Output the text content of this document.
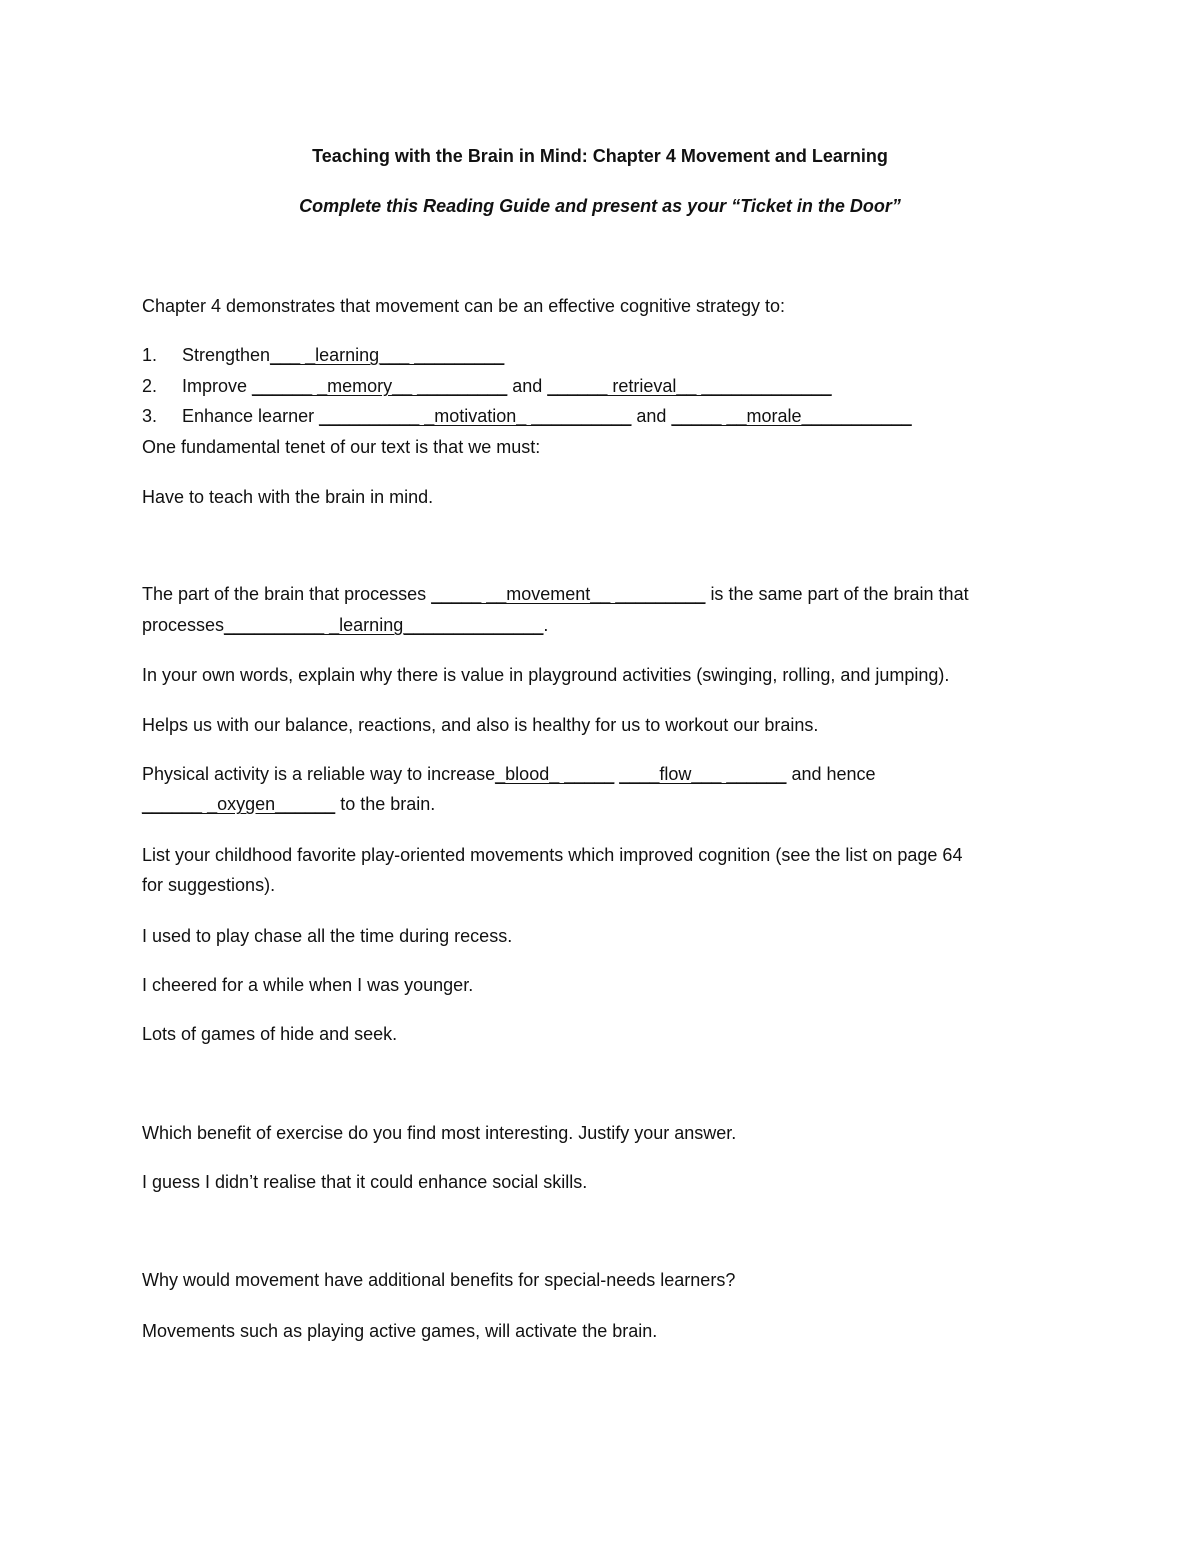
Teaching with the Brain in Mind: Chapter 4 Movement and Learning
Complete this Reading Guide and present as your “Ticket in the Door”
Chapter 4 demonstrates that movement can be an effective cognitive strategy to:
1. Strengthen___ _learning___ _________
2. Improve ______ _memory__ _________ and ______ retrieval__ _____________
3. Enhance learner __________ _motivation_ __________ and _____ __morale___________
One fundamental tenet of our text is that we must:
Have to teach with the brain in mind.
The part of the brain that processes _____ __movement__ _________ is the same part of the brain that
processes__________ _learning______________.
In your own words, explain why there is value in playground activities (swinging, rolling, and jumping).
Helps us with our balance, reactions, and also is healthy for us to workout our brains.
Physical activity is a reliable way to increase_blood_ _____ ____flow___ ______ and hence
______ _oxygen______ to the brain.
List your childhood favorite play-oriented movements which improved cognition (see the list on page 64
for suggestions).
I used to play chase all the time during recess.
I cheered for a while when I was younger.
Lots of games of hide and seek.
Which benefit of exercise do you find most interesting. Justify your answer.
I guess I didn’t realise that it could enhance social skills.
Why would movement have additional benefits for special-needs learners?
Movements such as playing active games, will activate the brain.
